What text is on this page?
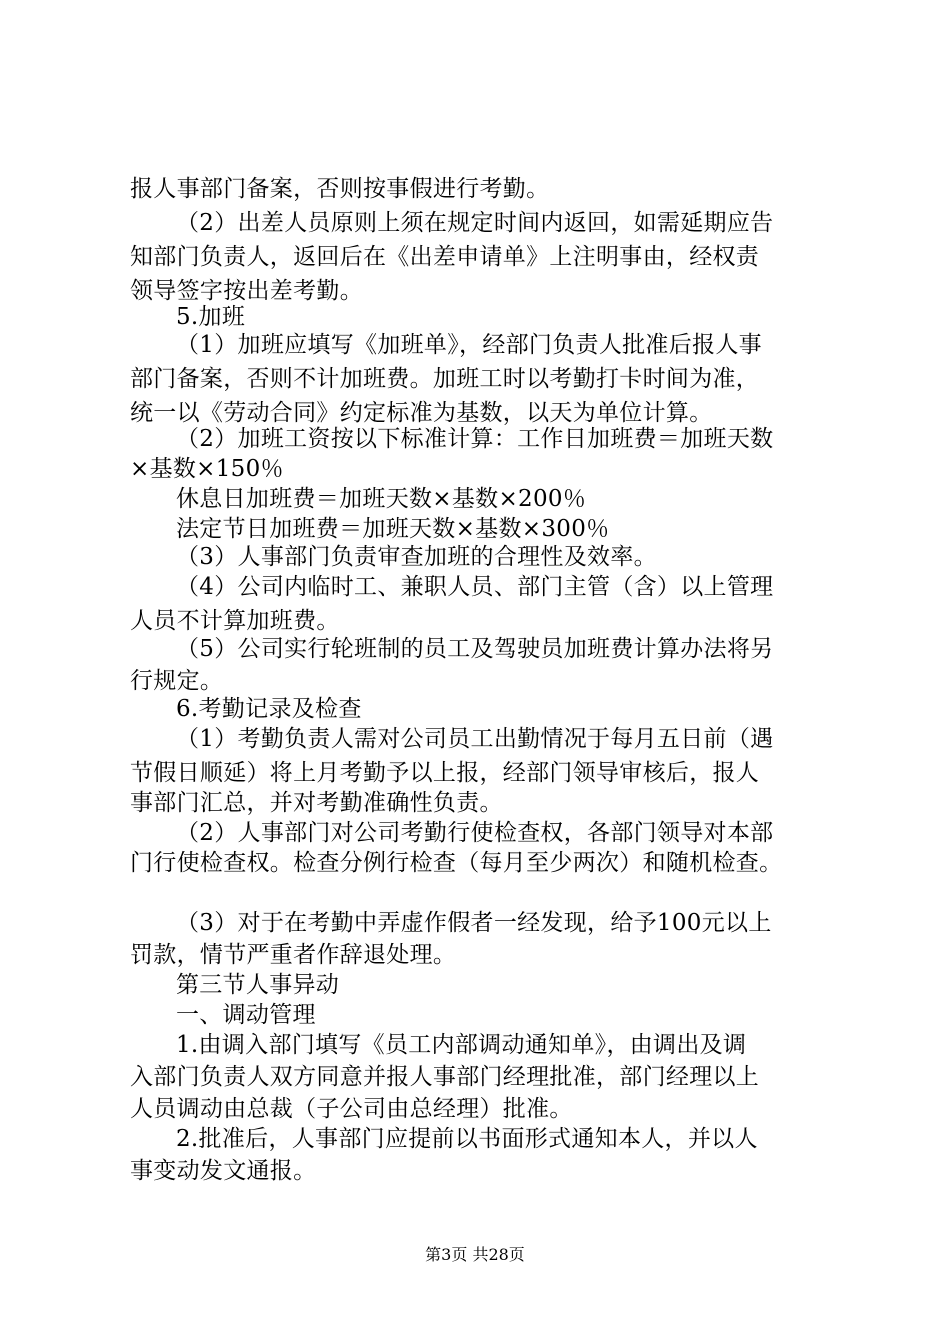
报人事部门备案，否则按事假进行考勤。
（2）出差人员原则上须在规定时间内返回，如需延期应告
知部门负责人，返回后在《出差申请单》上注明事由，经权责
领导签字按出差考勤。
5.加班
（1）加班应填写《加班单》，经部门负责人批准后报人事
部门备案，否则不计加班费。加班工时以考勤打卡时间为准，
统一以《劳动合同》约定标准为基数，以天为单位计算。
（2）加班工资按以下标准计算：工作日加班费＝加班天数
×基数×150％
休息日加班费＝加班天数×基数×200％
法定节日加班费＝加班天数×基数×300％
（3）人事部门负责审查加班的合理性及效率。
（4）公司内临时工、兼职人员、部门主管（含）以上管理
人员不计算加班费。
（5）公司实行轮班制的员工及驾驶员加班费计算办法将另
行规定。
6.考勤记录及检查
（1）考勤负责人需对公司员工出勤情况于每月五日前（遇
节假日顺延）将上月考勤予以上报，经部门领导审核后，报人
事部门汇总，并对考勤准确性负责。
（2）人事部门对公司考勤行使检查权，各部门领导对本部
门行使检查权。检查分例行检查（每月至少两次）和随机检查。
（3）对于在考勤中弄虚作假者一经发现，给予100元以上
罚款，情节严重者作辞退处理。
第三节人事异动
一、调动管理
1.由调入部门填写《员工内部调动通知单》，由调出及调
入部门负责人双方同意并报人事部门经理批准，部门经理以上
人员调动由总裁（子公司由总经理）批准。
2.批准后，人事部门应提前以书面形式通知本人，并以人
事变动发文通报。
第3页 共28页
